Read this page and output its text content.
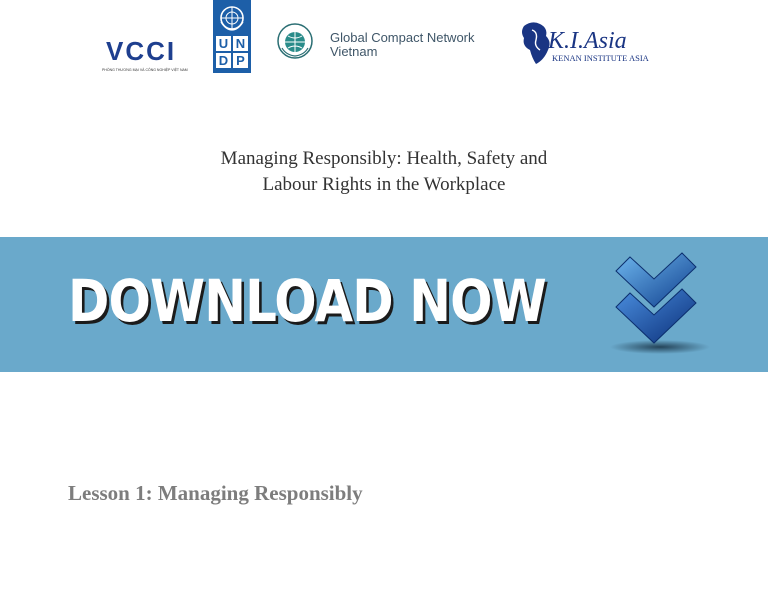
VCCI
PHÒNG THƯƠNG MẠI VÀ CÔNG NGHIỆP VIỆT NAM
U N
D P
Global Compact Network
Vietnam	K.I.Asia
KENAN INSTITUTE ASIA
Managing Responsibly: Health, Safety and
Labour Rights in the Workplace
DOWNLOAD NOW
Lesson 1: Managing Responsibly
